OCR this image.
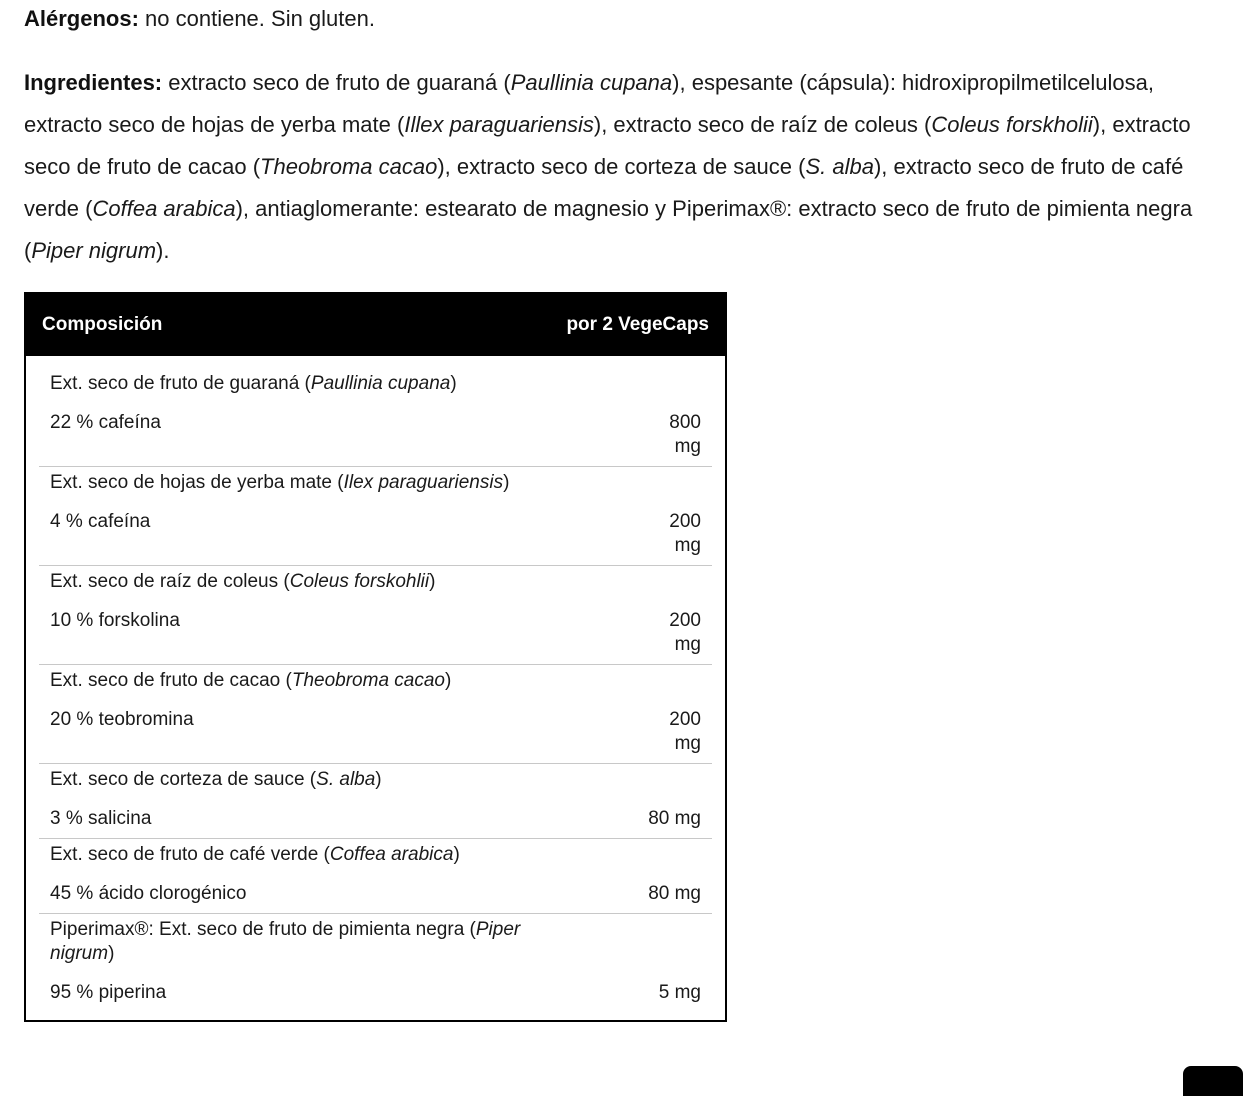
Alérgenos: no contiene. Sin gluten.

Ingredientes: extracto seco de fruto de guaraná (Paullinia cupana), espesante (cápsula): hidroxipropilmetilcelulosa, extracto seco de hojas de yerba mate (Illex paraguariensis), extracto seco de raíz de coleus (Coleus forskholii), extracto seco de fruto de cacao (Theobroma cacao), extracto seco de corteza de sauce (S. alba), extracto seco de fruto de café verde (Coffea arabica), antiaglomerante: estearato de magnesio y Piperimax®: extracto seco de fruto de pimienta negra (Piper nigrum).

Composición	por 2 VegeCaps
Ext. seco de fruto de guaraná (Paullinia cupana)
22 % cafeína	800 mg
Ext. seco de hojas de yerba mate (Ilex paraguariensis)
4 % cafeína	200 mg
Ext. seco de raíz de coleus (Coleus forskohlii)
10 % forskolina	200 mg
Ext. seco de fruto de cacao (Theobroma cacao)
20 % teobromina	200 mg
Ext. seco de corteza de sauce (S. alba)
3 % salicina	80 mg
Ext. seco de fruto de café verde (Coffea arabica)
45 % ácido clorogénico	80 mg
Piperimax®: Ext. seco de fruto de pimienta negra (Piper nigrum)
95 % piperina	5 mg
